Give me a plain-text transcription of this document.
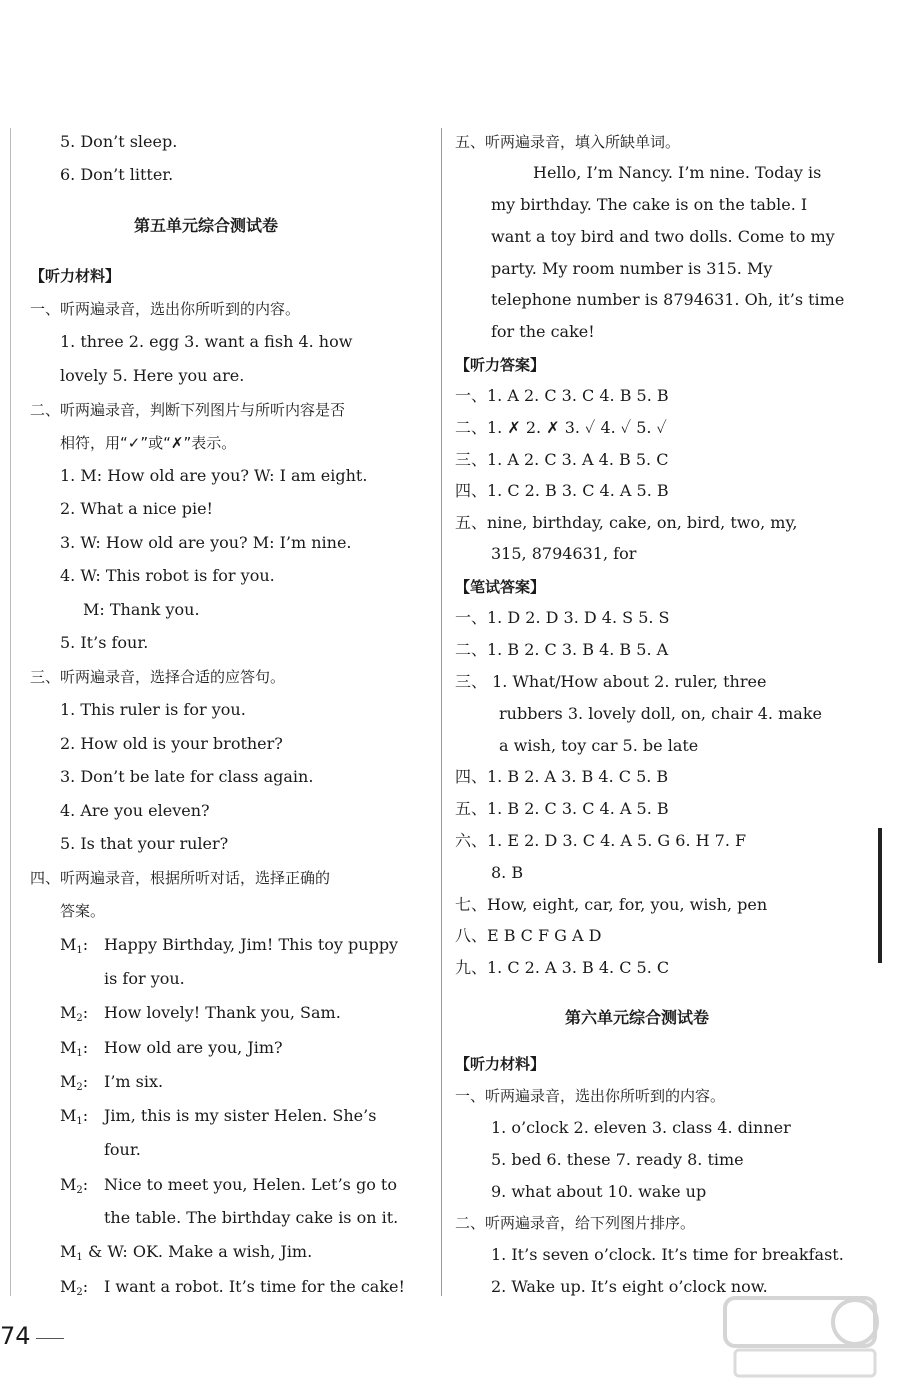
5. Don’t sleep.
6. Don’t litter.
第五单元综合测试卷
【听力材料】
一、听两遍录音，选出你所听到的内容。
1. three 2. egg 3. want a fish 4. how
lovely 5. Here you are.
二、听两遍录音，判断下列图片与所听内容是否
相符，用“✓”或“✗”表示。
1. M: How old are you? W: I am eight.
2. What a nice pie!
3. W: How old are you? M: I’m nine.
4. W: This robot is for you.
M: Thank you.
5. It’s four.
三、听两遍录音，选择合适的应答句。
1. This ruler is for you.
2. How old is your brother?
3. Don’t be late for class again.
4. Are you eleven?
5. Is that your ruler?
四、听两遍录音，根据所听对话，选择正确的
答案。
$M_1$: Happy Birthday, Jim! This toy puppy
is for you.
$M_2$: How lovely! Thank you, Sam.
$M_1$: How old are you, Jim?
$M_2$: I’m six.
$M_1$: Jim, this is my sister Helen. She’s
four.
$M_2$: Nice to meet you, Helen. Let’s go to
the table. The birthday cake is on it.
$M_1$ & W: OK. Make a wish, Jim.
$M_2$: I want a robot. It’s time for the cake!
五、听两遍录音，填入所缺单词。
Hello, I’m Nancy. I’m nine. Today is
my birthday. The cake is on the table. I
want a toy bird and two dolls. Come to my
party. My room number is 315. My
telephone number is 8794631. Oh, it’s time
for the cake!
【听力答案】
一、1. A 2. C 3. C 4. B 5. B
二、1. ✗ 2. ✗ 3. ✓ 4. ✓ 5. ✓
三、1. A 2. C 3. A 4. B 5. C
四、1. C 2. B 3. C 4. A 5. B
五、nine, birthday, cake, on, bird, two, my,
315, 8794631, for
【笔试答案】
一、1. D 2. D 3. D 4. S 5. S
二、1. B 2. C 3. B 4. B 5. A
三、 1. What/How about 2. ruler, three
rubbers 3. lovely doll, on, chair 4. make
a wish, toy car 5. be late
四、1. B 2. A 3. B 4. C 5. B
五、1. B 2. C 3. C 4. A 5. B
六、1. E 2. D 3. C 4. A 5. G 6. H 7. F
8. B
七、How, eight, car, for, you, wish, pen
八、E B C F G A D
九、1. C 2. A 3. B 4. C 5. C
第六单元综合测试卷
【听力材料】
一、听两遍录音，选出你所听到的内容。
1. o’clock 2. eleven 3. class 4. dinner
5. bed 6. these 7. ready 8. time
9. what about 10. wake up
二、听两遍录音，给下列图片排序。
1. It’s seven o’clock. It’s time for breakfast.
2. Wake up. It’s eight o’clock now.
74
